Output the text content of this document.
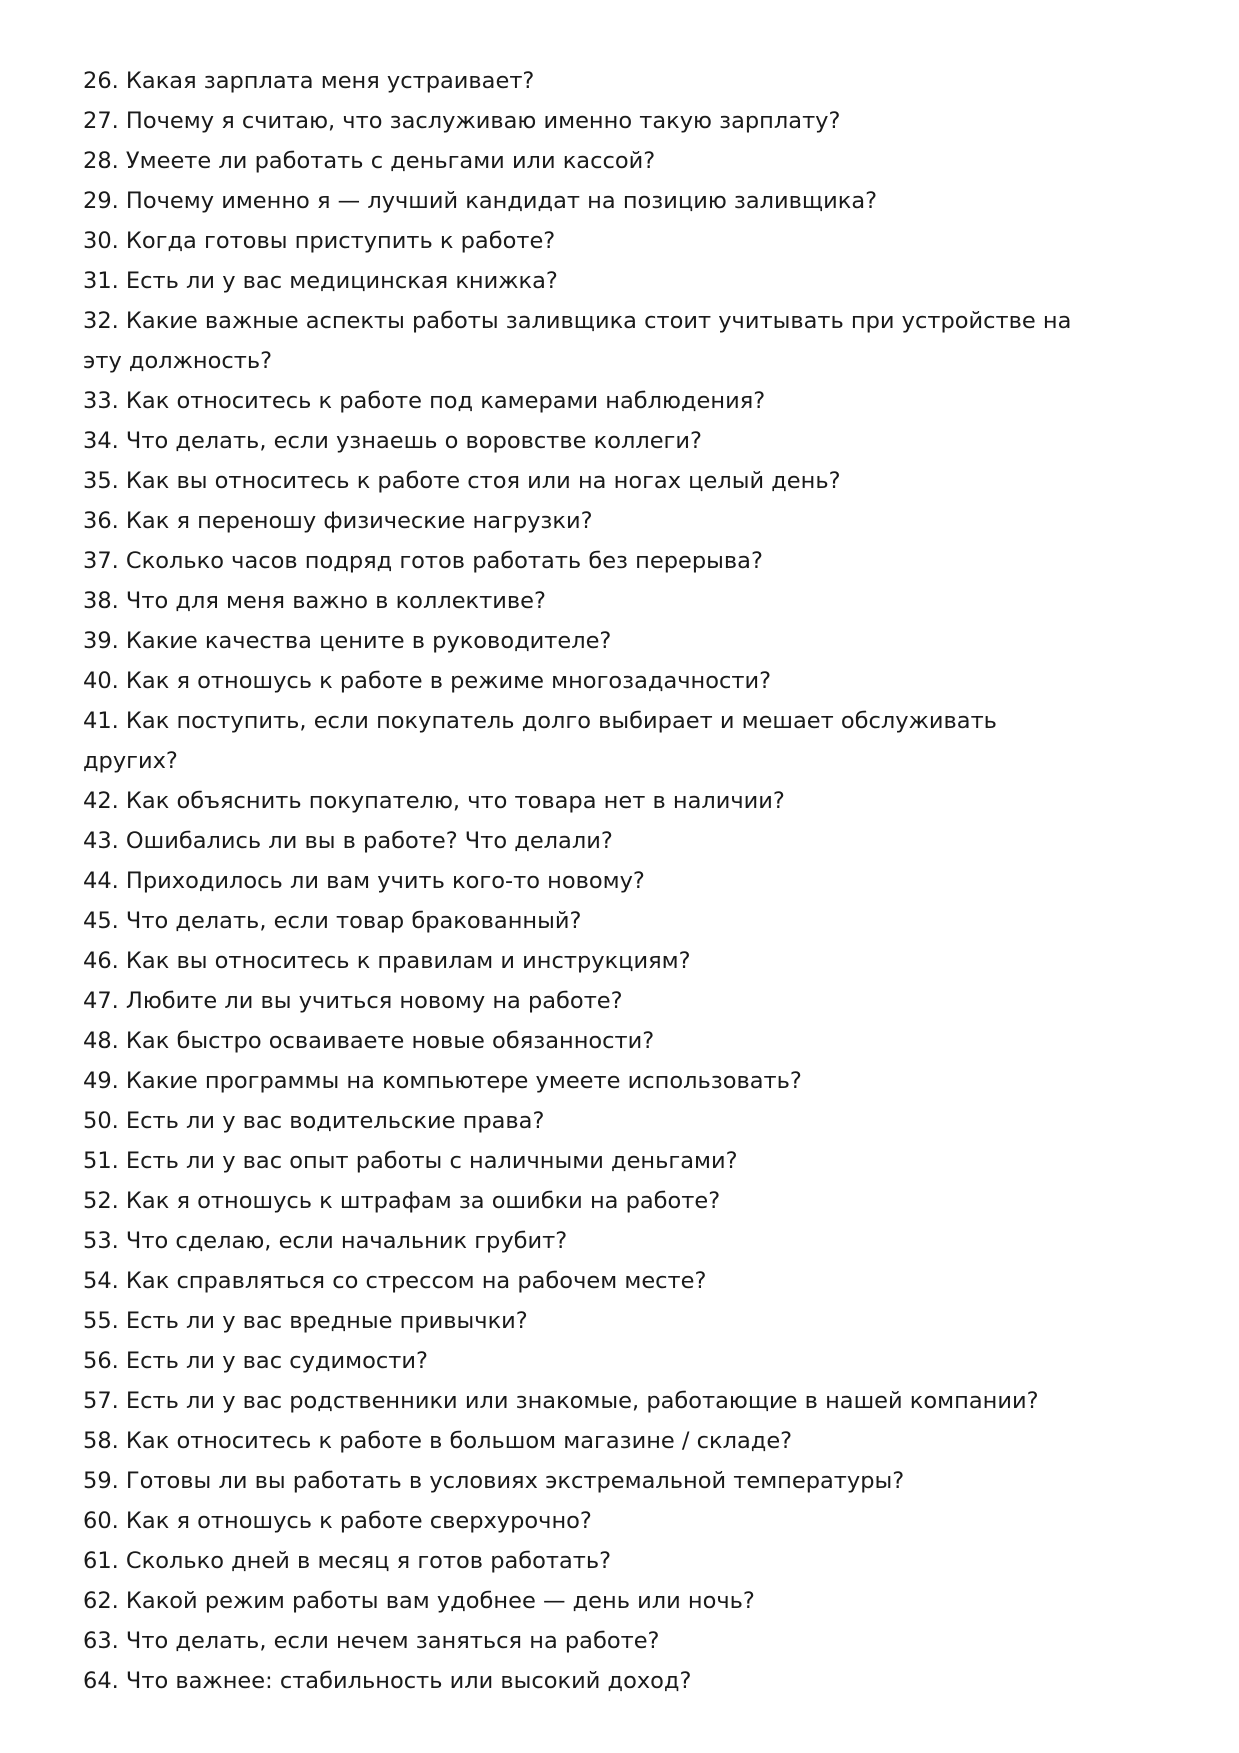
26. Какая зарплата меня устраивает?
27. Почему я считаю, что заслуживаю именно такую зарплату?
28. Умеете ли работать с деньгами или кассой?
29. Почему именно я — лучший кандидат на позицию заливщика?
30. Когда готовы приступить к работе?
31. Есть ли у вас медицинская книжка?
32. Какие важные аспекты работы заливщика стоит учитывать при устройстве на эту должность?
33. Как относитесь к работе под камерами наблюдения?
34. Что делать, если узнаешь о воровстве коллеги?
35. Как вы относитесь к работе стоя или на ногах целый день?
36. Как я переношу физические нагрузки?
37. Сколько часов подряд готов работать без перерыва?
38. Что для меня важно в коллективе?
39. Какие качества цените в руководителе?
40. Как я отношусь к работе в режиме многозадачности?
41. Как поступить, если покупатель долго выбирает и мешает обслуживать других?
42. Как объяснить покупателю, что товара нет в наличии?
43. Ошибались ли вы в работе? Что делали?
44. Приходилось ли вам учить кого-то новому?
45. Что делать, если товар бракованный?
46. Как вы относитесь к правилам и инструкциям?
47. Любите ли вы учиться новому на работе?
48. Как быстро осваиваете новые обязанности?
49. Какие программы на компьютере умеете использовать?
50. Есть ли у вас водительские права?
51. Есть ли у вас опыт работы с наличными деньгами?
52. Как я отношусь к штрафам за ошибки на работе?
53. Что сделаю, если начальник грубит?
54. Как справляться со стрессом на рабочем месте?
55. Есть ли у вас вредные привычки?
56. Есть ли у вас судимости?
57. Есть ли у вас родственники или знакомые, работающие в нашей компании?
58. Как относитесь к работе в большом магазине / складе?
59. Готовы ли вы работать в условиях экстремальной температуры?
60. Как я отношусь к работе сверхурочно?
61. Сколько дней в месяц я готов работать?
62. Какой режим работы вам удобнее — день или ночь?
63. Что делать, если нечем заняться на работе?
64. Что важнее: стабильность или высокий доход?
